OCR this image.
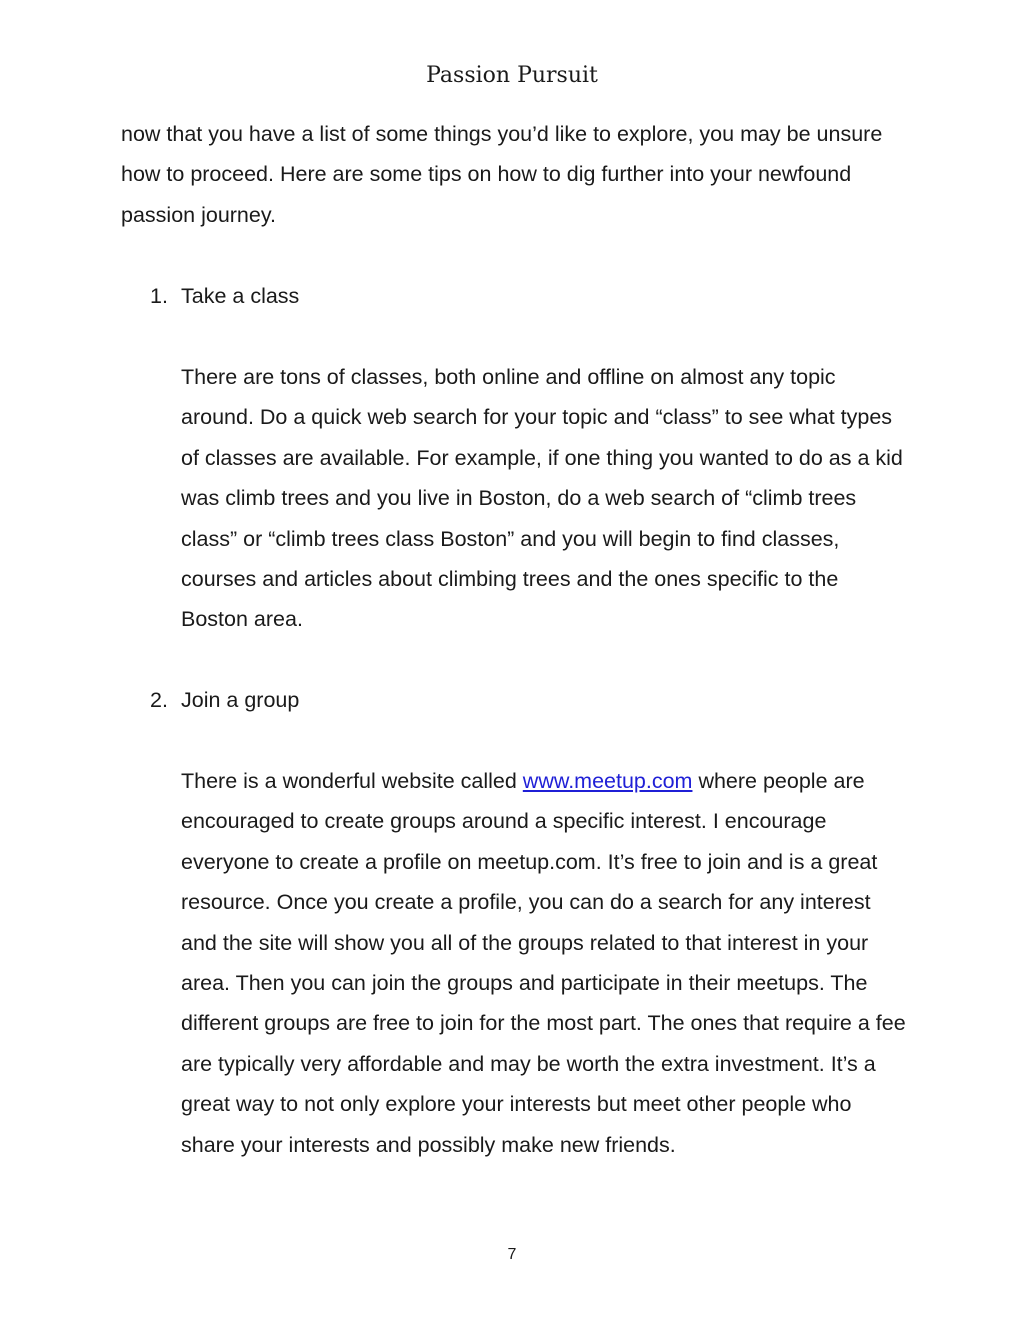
Passion Pursuit

now that you have a list of some things you’d like to explore, you may be unsure how to proceed. Here are some tips on how to dig further into your newfound passion journey.

1. Take a class

There are tons of classes, both online and offline on almost any topic around. Do a quick web search for your topic and “class” to see what types of classes are available. For example, if one thing you wanted to do as a kid was climb trees and you live in Boston, do a web search of “climb trees class” or “climb trees class Boston” and you will begin to find classes, courses and articles about climbing trees and the ones specific to the Boston area.

2. Join a group

There is a wonderful website called www.meetup.com where people are encouraged to create groups around a specific interest. I encourage everyone to create a profile on meetup.com. It’s free to join and is a great resource. Once you create a profile, you can do a search for any interest and the site will show you all of the groups related to that interest in your area. Then you can join the groups and participate in their meetups. The different groups are free to join for the most part. The ones that require a fee are typically very affordable and may be worth the extra investment. It’s a great way to not only explore your interests but meet other people who share your interests and possibly make new friends.

7
